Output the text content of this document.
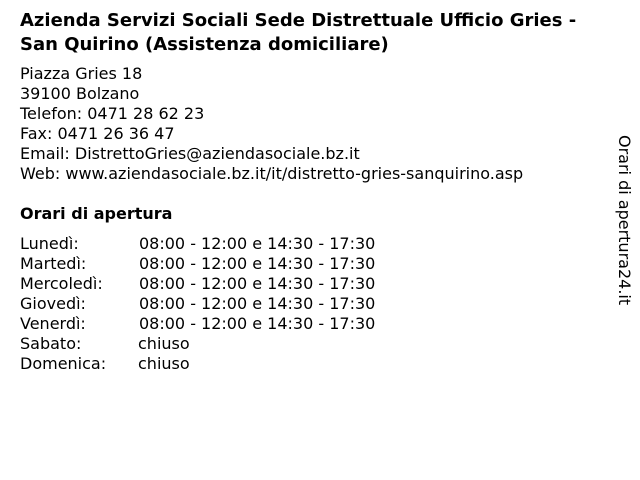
Azienda Servizi Sociali Sede Distrettuale Ufficio Gries - San Quirino (Assistenza domiciliare)
Piazza Gries 18
39100 Bolzano
Telefon: 0471 28 62 23
Fax: 0471 26 36 47
Email: DistrettoGries@aziendasociale.bz.it
Web: www.aziendasociale.bz.it/it/distretto-gries-sanquirino.asp
Orari di apertura
Lunedì:	08:00 - 12:00 e 14:30 - 17:30
Martedì:	08:00 - 12:00 e 14:30 - 17:30
Mercoledì: 08:00 - 12:00 e 14:30 - 17:30
Giovedì:	08:00 - 12:00 e 14:30 - 17:30
Venerdì:	08:00 - 12:00 e 14:30 - 17:30
Sabato:	chiuso
Domenica: chiuso
Orari di apertura24.it
